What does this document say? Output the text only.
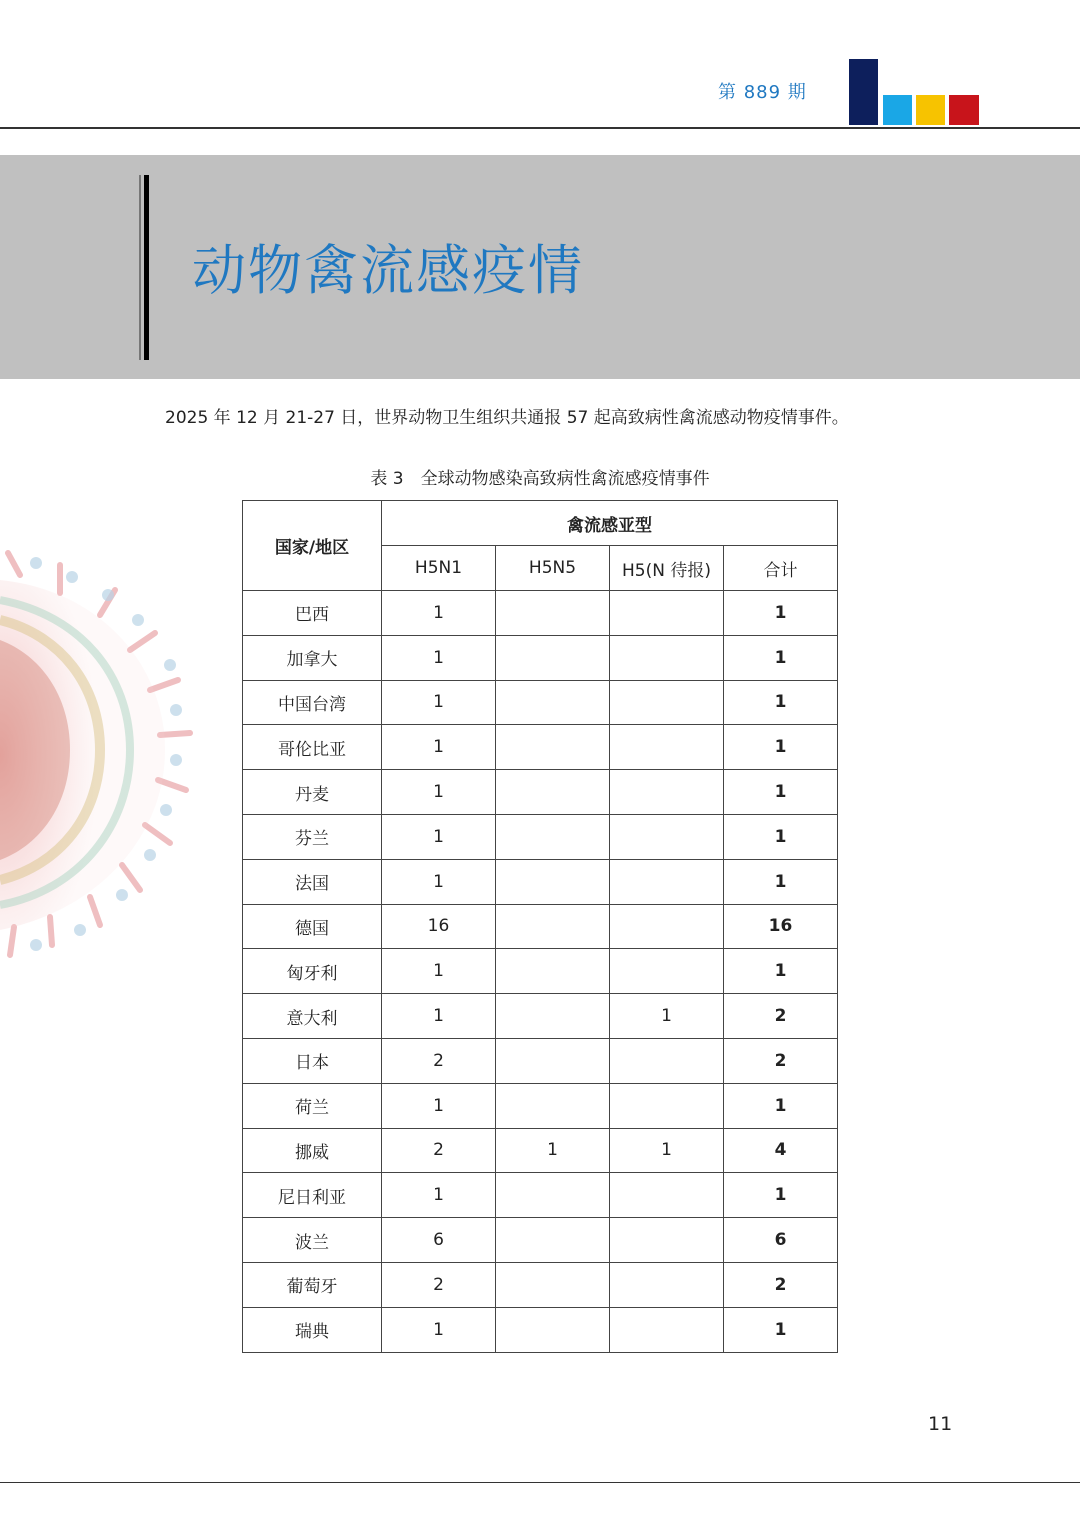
第 889 期
动物禽流感疫情
2025 年 12 月 21-27 日，世界动物卫生组织共通报 57 起高致病性禽流感动物疫情事件。
表 3　全球动物感染高致病性禽流感疫情事件
国家/地区	禽流感亚型			
	H5N1	H5N5	H5(N 待报)	合计
巴西	1			1
加拿大	1			1
中国台湾	1			1
哥伦比亚	1			1
丹麦	1			1
芬兰	1			1
法国	1			1
德国	16			16
匈牙利	1			1
意大利	1		1	2
日本	2			2
荷兰	1			1
挪威	2	1	1	4
尼日利亚	1			1
波兰	6			6
葡萄牙	2			2
瑞典	1			1
11
